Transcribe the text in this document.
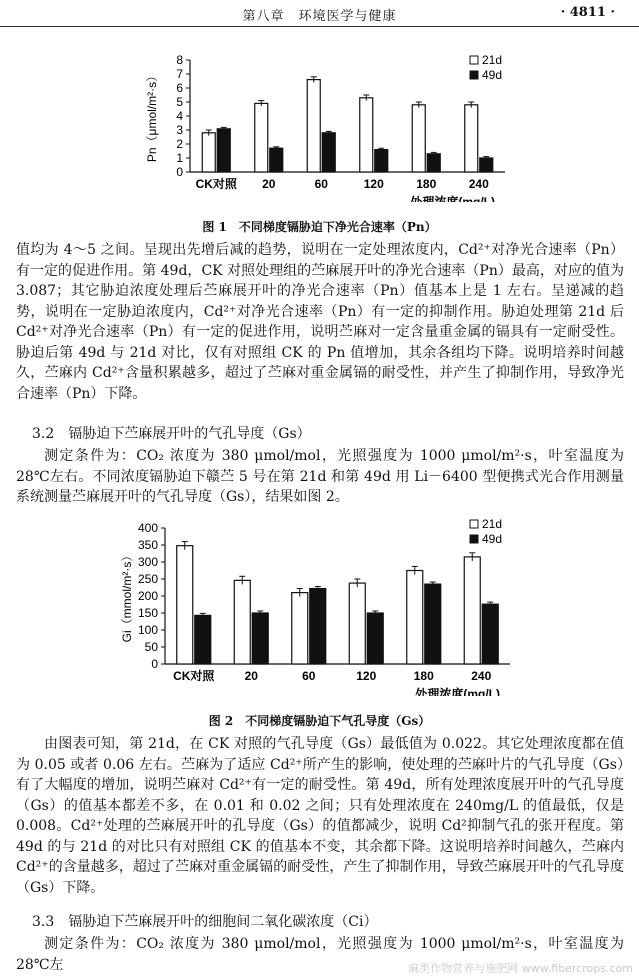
第八章　环境医学与健康	· 4811 ·
0
1
2
3
4
5
6
7
8
CK对照 20	60	120	180	240
Pn（μmol/m²·s）
处理浓度(mg/L)
21d
49d
图 1　不同梯度镉胁迫下净光合速率（Pn）

值均为 4～5 之间。呈现出先增后减的趋势，说明在一定处理浓度内，Cd²⁺对净光合速率（Pn）有一定的促进作用。第 49d，CK 对照处理组的苎麻展开叶的净光合速率（Pn）最高，对应的值为 3.087；其它胁迫浓度处理后苎麻展开叶的净光合速率（Pn）值基本上是 1 左右。呈递减的趋势，说明在一定胁迫浓度内，Cd²⁺对净光合速率（Pn）有一定的抑制作用。胁迫处理第 21d 后 Cd²⁺对净光合速率（Pn）有一定的促进作用，说明苎麻对一定含量重金属的镉具有一定耐受性。胁迫后第 49d 与 21d 对比，仅有对照组 CK 的 Pn 值增加，其余各组均下降。说明培养时间越久，苎麻内 Cd²⁺含量积累越多，超过了苎麻对重金属镉的耐受性，并产生了抑制作用，导致净光合速率（Pn）下降。

3.2　镉胁迫下苎麻展开叶的气孔导度（Gs）

测定条件为：CO₂ 浓度为 380 μmol/mol，光照强度为 1000 μmol/m²·s，叶室温度为 28℃左右。不同浓度镉胁迫下赣苎 5 号在第 21d 和第 49d 用 Li－6400 型便携式光合作用测量系统测量苎麻展开叶的气孔导度（Gs），结果如图 2。

0
50
100
150
200
250
300
350
400
CK对照	20	60	120	180	240
Gi（mmol/m²·s）
处理浓度(mg/L)
21d
49d
图 2　不同梯度镉胁迫下气孔导度（Gs）

由图表可知，第 21d，在 CK 对照的气孔导度（Gs）最低值为 0.022。其它处理浓度都在值为 0.05 或者 0.06 左右。苎麻为了适应 Cd²⁺所产生的影响，使处理的苎麻叶片的气孔导度（Gs）有了大幅度的增加，说明苎麻对 Cd²⁺有一定的耐受性。第 49d，所有处理浓度展开叶的气孔导度（Gs）的值基本都差不多，在 0.01 和 0.02 之间；只有处理浓度在 240mg/L 的值最低，仅是 0.008。Cd²⁺处理的苎麻展开叶的孔导度（Gs）的值都减少，说明 Cd²抑制气孔的张开程度。第 49d 的与 21d 的对比只有对照组 CK 的值基本不变，其余都下降。这说明培养时间越久，苎麻内 Cd²⁺的含量越多，超过了苎麻对重金属镉的耐受性，产生了抑制作用，导致苎麻展开叶的气孔导度（Gs）下降。

3.3　镉胁迫下苎麻展开叶的细胞间二氧化碳浓度（Ci）

测定条件为：CO₂ 浓度为 380 μmol/mol，光照强度为 1000 μmol/m²·s，叶室温度为 28℃左	麻类作物营养与施肥网 www.fibercrops.com
